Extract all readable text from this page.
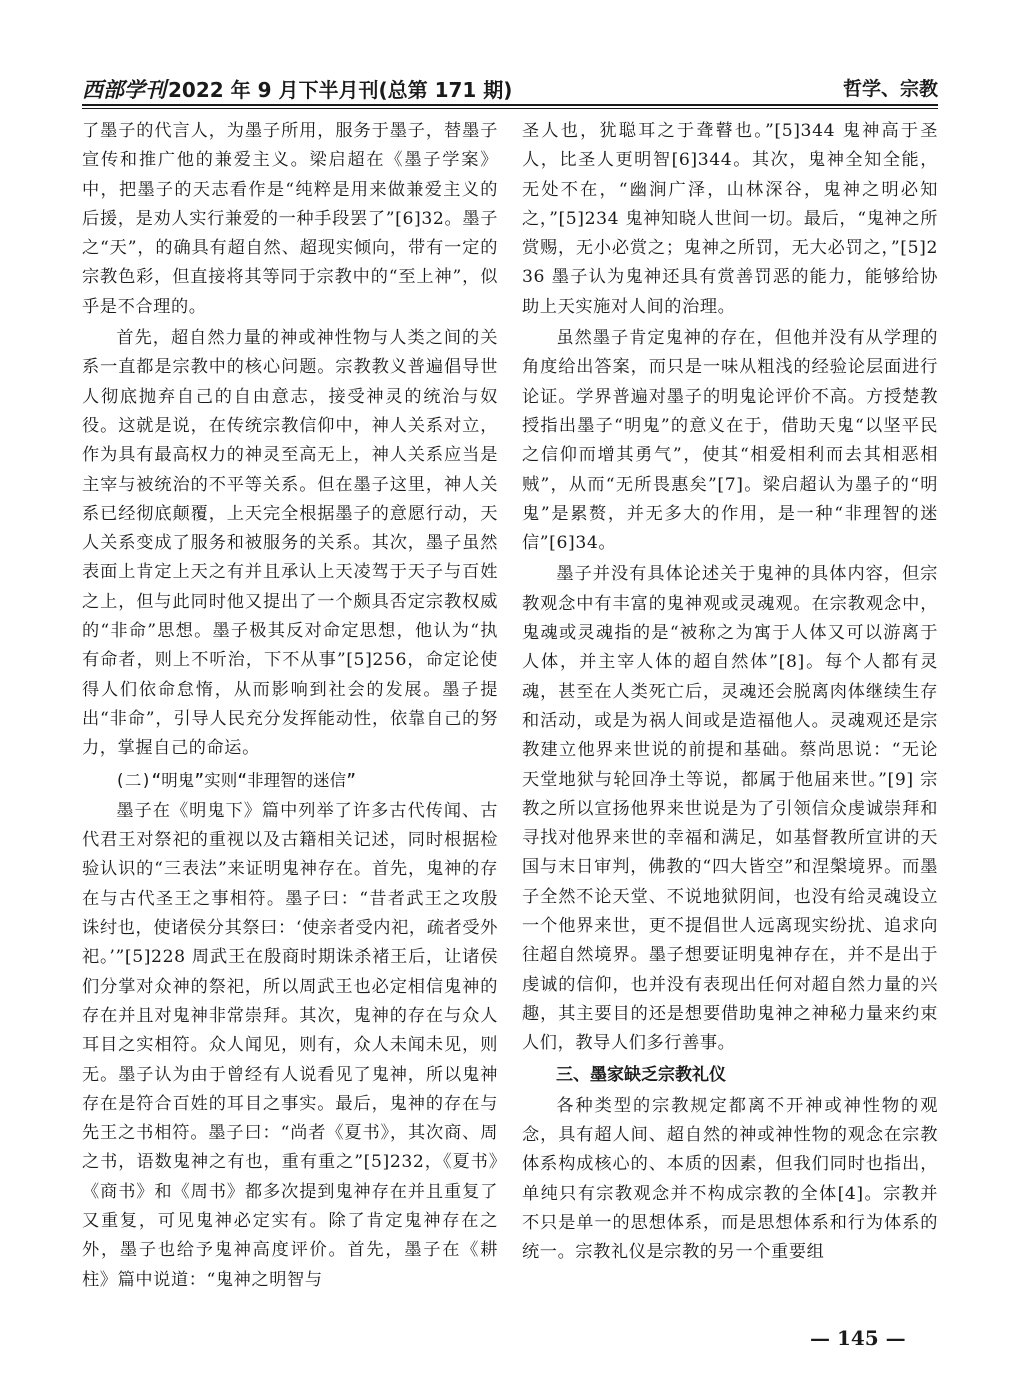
西部学刊 2022 年 9 月下半月刊(总第 171 期)	哲学、宗教

了墨子的代言人，为墨子所用，服务于墨子，替墨子宣传和推广他的兼爱主义。梁启超在《墨子学案》中，把墨子的天志看作是“纯粹是用来做兼爱主义的后援，是劝人实行兼爱的一种手段罢了”[6]32。墨子之“天”，的确具有超自然、超现实倾向，带有一定的宗教色彩，但直接将其等同于宗教中的“至上神”，似乎是不合理的。

首先，超自然力量的神或神性物与人类之间的关系一直都是宗教中的核心问题。宗教教义普遍倡导世人彻底抛弃自己的自由意志，接受神灵的统治与奴役。这就是说，在传统宗教信仰中，神人关系对立，作为具有最高权力的神灵至高无上，神人关系应当是主宰与被统治的不平等关系。但在墨子这里，神人关系已经彻底颠覆，上天完全根据墨子的意愿行动，天人关系变成了服务和被服务的关系。其次，墨子虽然表面上肯定上天之有并且承认上天凌驾于天子与百姓之上，但与此同时他又提出了一个颇具否定宗教权威的“非命”思想。墨子极其反对命定思想，他认为“执有命者，则上不听治，下不从事”[5]256，命定论使得人们依命怠惰，从而影响到社会的发展。墨子提出“非命”，引导人民充分发挥能动性，依靠自己的努力，掌握自己的命运。

(二)“明鬼”实则“非理智的迷信”

墨子在《明鬼下》篇中列举了许多古代传闻、古代君王对祭祀的重视以及古籍相关记述，同时根据检验认识的“三表法”来证明鬼神存在。首先，鬼神的存在与古代圣王之事相符。墨子曰：“昔者武王之攻殷诛纣也，使诸侯分其祭曰：‘使亲者受内祀，疏者受外祀。’”[5]228 周武王在殷商时期诛杀褚王后，让诸侯们分掌对众神的祭祀，所以周武王也必定相信鬼神的存在并且对鬼神非常崇拜。其次，鬼神的存在与众人耳目之实相符。众人闻见，则有，众人未闻未见，则无。墨子认为由于曾经有人说看见了鬼神，所以鬼神存在是符合百姓的耳目之事实。最后，鬼神的存在与先王之书相符。墨子曰：“尚者《夏书》，其次商、周之书，语数鬼神之有也，重有重之”[5]232，《夏书》《商书》和《周书》都多次提到鬼神存在并且重复了又重复，可见鬼神必定实有。除了肯定鬼神存在之外，墨子也给予鬼神高度评价。首先，墨子在《耕柱》篇中说道：“鬼神之明智与

圣人也，犹聪耳之于聋瞽也。”[5]344 鬼神高于圣人，比圣人更明智[6]344。其次，鬼神全知全能，无处不在，“幽涧广泽，山林深谷，鬼神之明必知之，”[5]234 鬼神知晓人世间一切。最后，“鬼神之所赏赐，无小必赏之；鬼神之所罚，无大必罚之，”[5]236 墨子认为鬼神还具有赏善罚恶的能力，能够给协助上天实施对人间的治理。

虽然墨子肯定鬼神的存在，但他并没有从学理的角度给出答案，而只是一味从粗浅的经验论层面进行论证。学界普遍对墨子的明鬼论评价不高。方授楚教授指出墨子“明鬼”的意义在于，借助天鬼“以坚平民之信仰而增其勇气”，使其“相爱相利而去其相恶相贼”，从而“无所畏惠矣”[7]。梁启超认为墨子的“明鬼”是累赘，并无多大的作用，是一种“非理智的迷信”[6]34。

墨子并没有具体论述关于鬼神的具体内容，但宗教观念中有丰富的鬼神观或灵魂观。在宗教观念中，鬼魂或灵魂指的是“被称之为寓于人体又可以游离于人体，并主宰人体的超自然体”[8]。每个人都有灵魂，甚至在人类死亡后，灵魂还会脱离肉体继续生存和活动，或是为祸人间或是造福他人。灵魂观还是宗教建立他界来世说的前提和基础。蔡尚思说：“无论天堂地狱与轮回净土等说，都属于他届来世。”[9] 宗教之所以宣扬他界来世说是为了引领信众虔诚崇拜和寻找对他界来世的幸福和满足，如基督教所宣讲的天国与末日审判，佛教的“四大皆空”和涅槃境界。而墨子全然不论天堂、不说地狱阴间，也没有给灵魂设立一个他界来世，更不提倡世人远离现实纷扰、追求向往超自然境界。墨子想要证明鬼神存在，并不是出于虔诚的信仰，也并没有表现出任何对超自然力量的兴趣，其主要目的还是想要借助鬼神之神秘力量来约束人们，教导人们多行善事。

三、墨家缺乏宗教礼仪

各种类型的宗教规定都离不开神或神性物的观念，具有超人间、超自然的神或神性物的观念在宗教体系构成核心的、本质的因素，但我们同时也指出，单纯只有宗教观念并不构成宗教的全体[4]。宗教并不只是单一的思想体系，而是思想体系和行为体系的统一。宗教礼仪是宗教的另一个重要组

— 145 —
